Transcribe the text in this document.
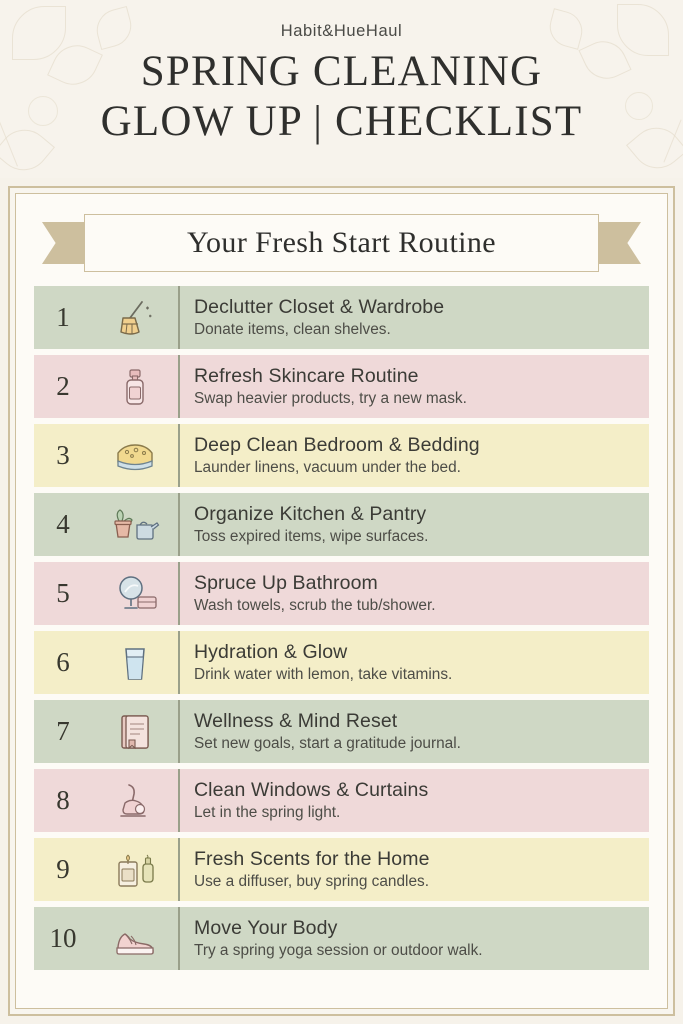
Habit&HueHaul
SPRING CLEANING
GLOW UP | CHECKLIST
Your Fresh Start Routine
1	Declutter Closet & Wardrobe
Donate items, clean shelves.
2	Refresh Skincare Routine
Swap heavier products, try a new mask.
3	Deep Clean Bedroom & Bedding
Launder linens, vacuum under the bed.
4	Organize Kitchen & Pantry
Toss expired items, wipe surfaces.
5	Spruce Up Bathroom
Wash towels, scrub the tub/shower.
6	Hydration & Glow
Drink water with lemon, take vitamins.
7	Wellness & Mind Reset
Set new goals, start a gratitude journal.
8	Clean Windows & Curtains
Let in the spring light.
9	Fresh Scents for the Home
Use a diffuser, buy spring candles.
10	Move Your Body
Try a spring yoga session or outdoor walk.
